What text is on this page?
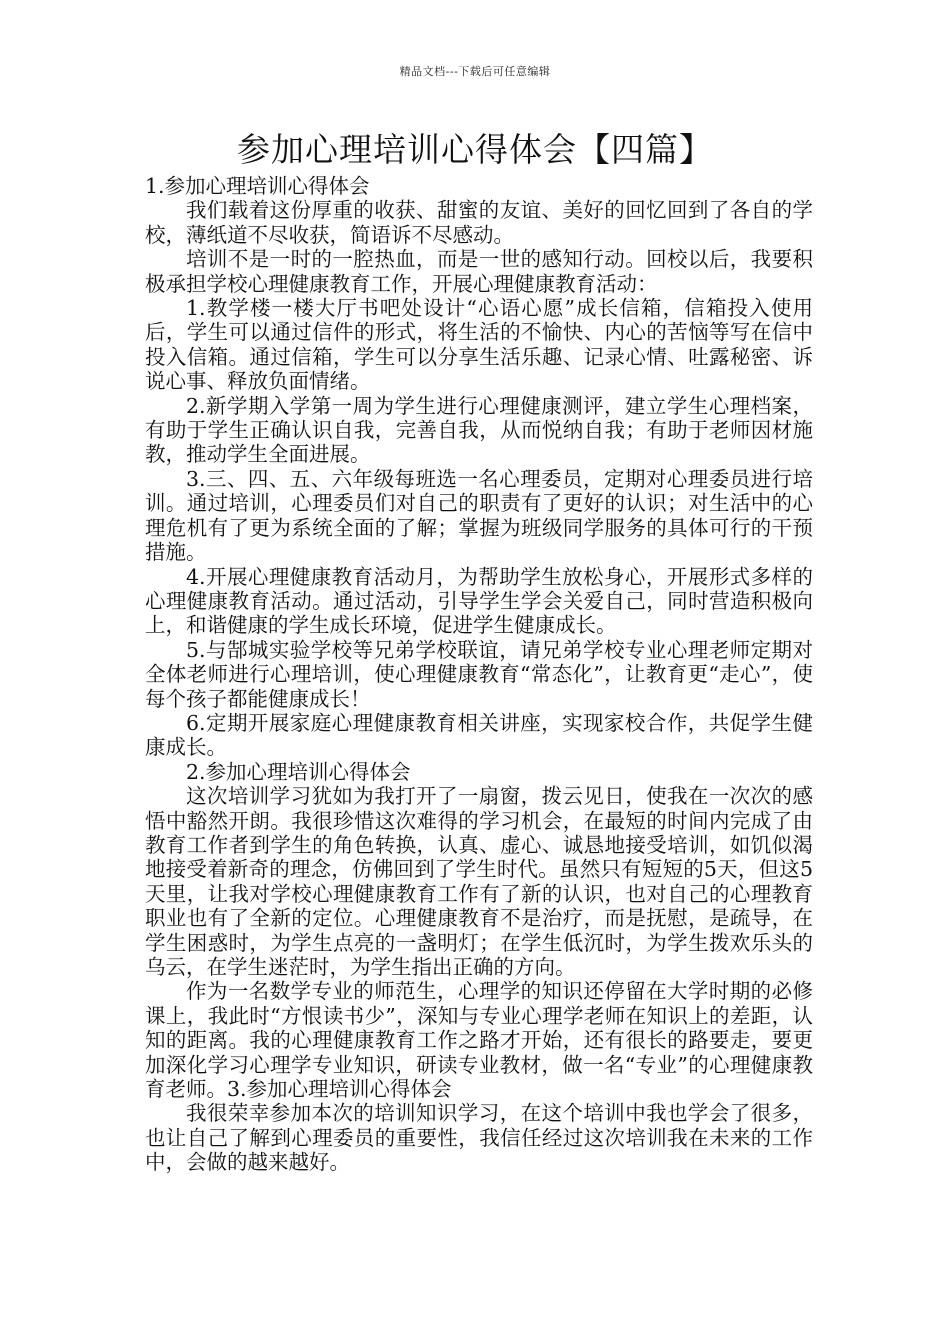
精品文档---下载后可任意编辑
参加心理培训心得体会【四篇】

1.参加心理培训心得体会

我们载着这份厚重的收获、甜蜜的友谊、美好的回忆回到了各自的学校，薄纸道不尽收获，简语诉不尽感动。

培训不是一时的一腔热血，而是一世的感知行动。回校以后，我要积极承担学校心理健康教育工作，开展心理健康教育活动：

1.教学楼一楼大厅书吧处设计“心语心愿”成长信箱，信箱投入使用后，学生可以通过信件的形式，将生活的不愉快、内心的苦恼等写在信中投入信箱。通过信箱，学生可以分享生活乐趣、记录心情、吐露秘密、诉说心事、释放负面情绪。

2.新学期入学第一周为学生进行心理健康测评，建立学生心理档案，有助于学生正确认识自我，完善自我，从而悦纳自我；有助于老师因材施教，推动学生全面进展。

3.三、四、五、六年级每班选一名心理委员，定期对心理委员进行培训。通过培训，心理委员们对自己的职责有了更好的认识；对生活中的心理危机有了更为系统全面的了解；掌握为班级同学服务的具体可行的干预措施。

4.开展心理健康教育活动月，为帮助学生放松身心，开展形式多样的心理健康教育活动。通过活动，引导学生学会关爱自己，同时营造积极向上，和谐健康的学生成长环境，促进学生健康成长。

5.与郜城实验学校等兄弟学校联谊，请兄弟学校专业心理老师定期对全体老师进行心理培训，使心理健康教育“常态化”，让教育更“走心”，使每个孩子都能健康成长！

6.定期开展家庭心理健康教育相关讲座，实现家校合作，共促学生健康成长。

2.参加心理培训心得体会

这次培训学习犹如为我打开了一扇窗，拨云见日，使我在一次次的感悟中豁然开朗。我很珍惜这次难得的学习机会，在最短的时间内完成了由教育工作者到学生的角色转换，认真、虚心、诚恳地接受培训，如饥似渴地接受着新奇的理念，仿佛回到了学生时代。虽然只有短短的5天，但这5天里，让我对学校心理健康教育工作有了新的认识，也对自己的心理教育职业也有了全新的定位。心理健康教育不是治疗，而是抚慰，是疏导，在学生困惑时，为学生点亮的一盏明灯；在学生低沉时，为学生拨欢乐头的乌云，在学生迷茫时，为学生指出正确的方向。

作为一名数学专业的师范生，心理学的知识还停留在大学时期的必修课上，我此时“方恨读书少”，深知与专业心理学老师在知识上的差距，认知的距离。我的心理健康教育工作之路才开始，还有很长的路要走，要更加深化学习心理学专业知识，研读专业教材，做一名“专业”的心理健康教育老师。3.参加心理培训心得体会

我很荣幸参加本次的培训知识学习，在这个培训中我也学会了很多，也让自己了解到心理委员的重要性，我信任经过这次培训我在未来的工作中，会做的越来越好。
